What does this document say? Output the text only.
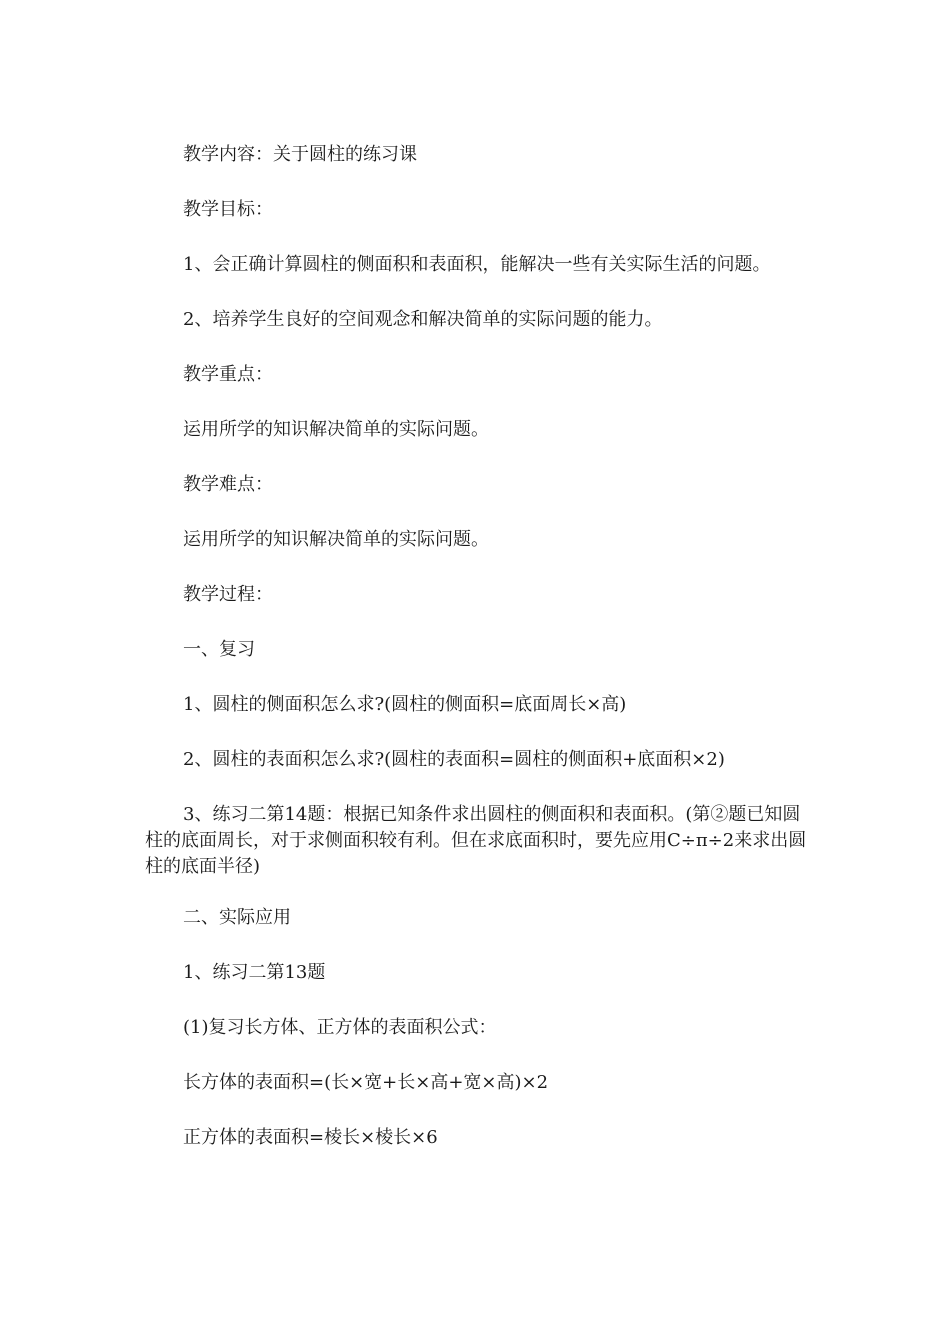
教学内容：关于圆柱的练习课

教学目标：

1、会正确计算圆柱的侧面积和表面积，能解决一些有关实际生活的问题。

2、培养学生良好的空间观念和解决简单的实际问题的能力。

教学重点：

运用所学的知识解决简单的实际问题。

教学难点：

运用所学的知识解决简单的实际问题。

教学过程：

一、复习

1、圆柱的侧面积怎么求?(圆柱的侧面积=底面周长×高)

2、圆柱的表面积怎么求?(圆柱的表面积=圆柱的侧面积+底面积×2)

3、练习二第14题：根据已知条件求出圆柱的侧面积和表面积。(第②题已知圆柱的底面周长，对于求侧面积较有利。但在求底面积时，要先应用C÷π÷2来求出圆柱的底面半径)

二、实际应用

1、练习二第13题

(1)复习长方体、正方体的表面积公式：

长方体的表面积=(长×宽+长×高+宽×高)×2

正方体的表面积=棱长×棱长×6
